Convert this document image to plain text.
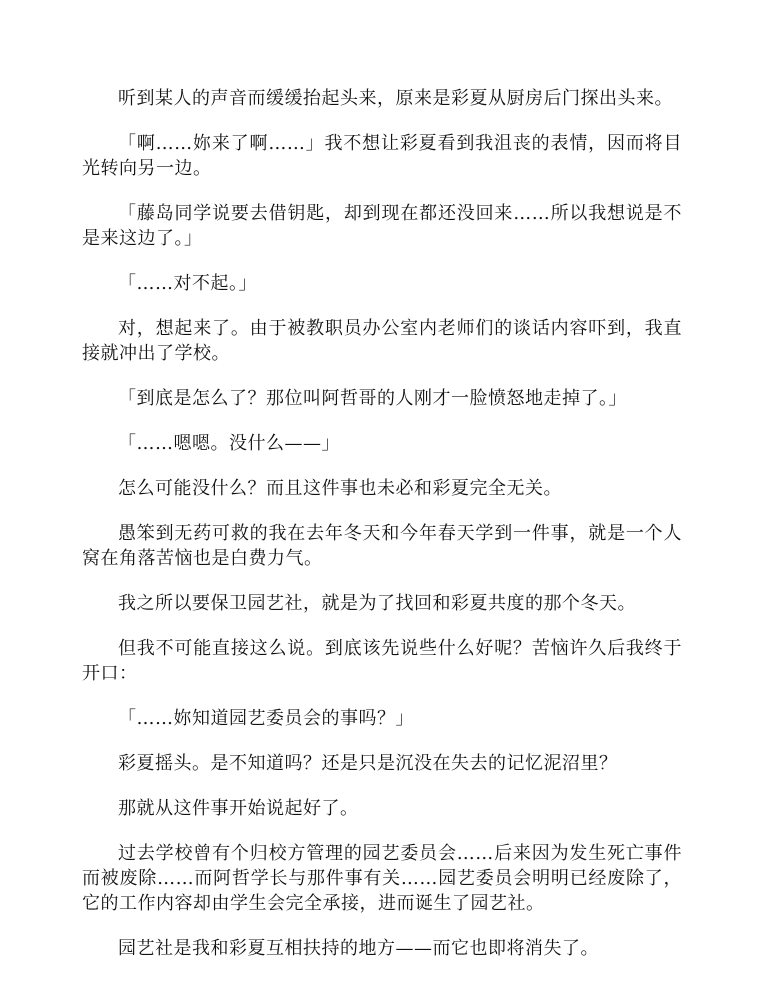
听到某人的声音而缓缓抬起头来，原来是彩夏从厨房后门探出头来。

「啊……妳来了啊……」我不想让彩夏看到我沮丧的表情，因而将目光转向另一边。

「藤岛同学说要去借钥匙，却到现在都还没回来……所以我想说是不是来这边了。」

「……对不起。」

对，想起来了。由于被教职员办公室内老师们的谈话内容吓到，我直接就冲出了学校。

「到底是怎么了？那位叫阿哲哥的人刚才一脸愤怒地走掉了。」

「……嗯嗯。没什么——」

怎么可能没什么？而且这件事也未必和彩夏完全无关。

愚笨到无药可救的我在去年冬天和今年春天学到一件事，就是一个人窝在角落苦恼也是白费力气。

我之所以要保卫园艺社，就是为了找回和彩夏共度的那个冬天。

但我不可能直接这么说。到底该先说些什么好呢？苦恼许久后我终于开口：

「……妳知道园艺委员会的事吗？」

彩夏摇头。是不知道吗？还是只是沉没在失去的记忆泥沼里？

那就从这件事开始说起好了。

过去学校曾有个归校方管理的园艺委员会……后来因为发生死亡事件而被废除……而阿哲学长与那件事有关……园艺委员会明明已经废除了，它的工作内容却由学生会完全承接，进而诞生了园艺社。

园艺社是我和彩夏互相扶持的地方——而它也即将消失了。
